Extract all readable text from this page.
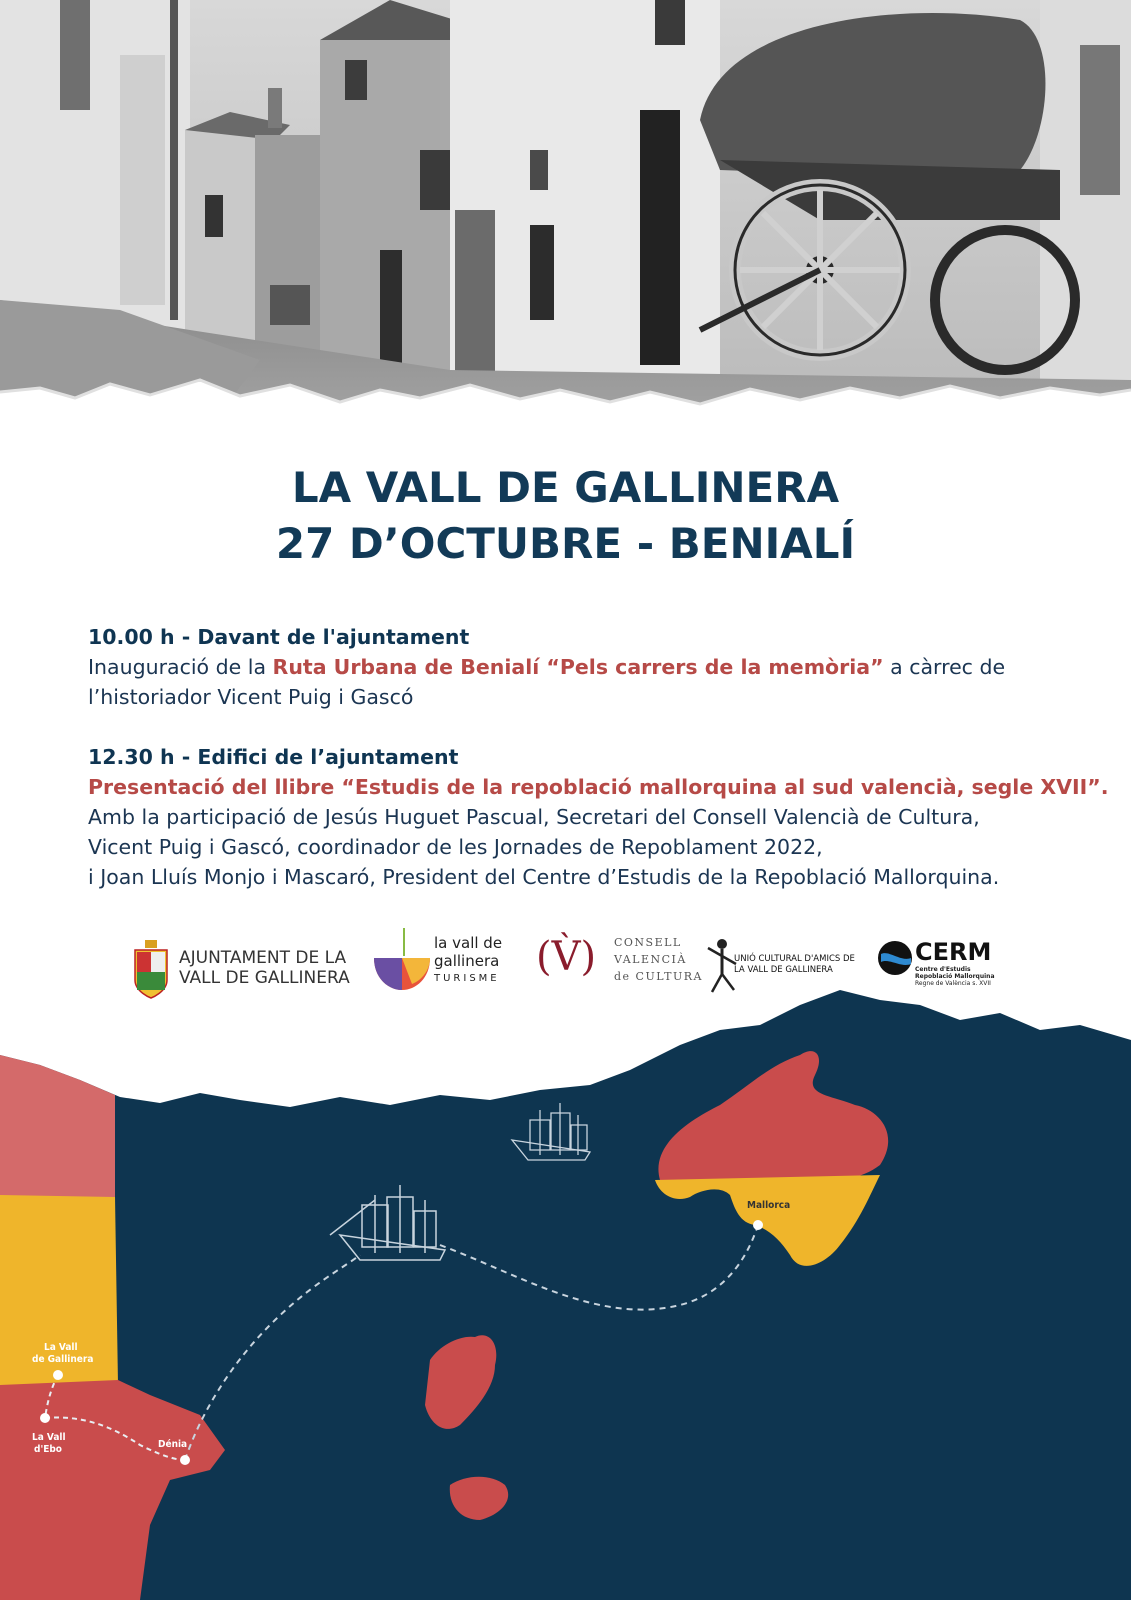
LA VALL DE GALLINERA
27 D’OCTUBRE - BENIALÍ
10.00 h - Davant de l'ajuntament
Inauguració de la Ruta Urbana de Benialí “Pels carrers de la memòria” a càrrec de
l’historiador Vicent Puig i Gascó
12.30 h - Edifici de l’ajuntament
Presentació del llibre “Estudis de la repoblació mallorquina al sud valencià, segle XVII”.
Amb la participació de Jesús Huguet Pascual, Secretari del Consell Valencià de Cultura,
Vicent Puig i Gascó, coordinador de les Jornades de Repoblament 2022,
i Joan Lluís Monjo i Mascaró, President del Centre d’Estudis de la Repoblació Mallorquina.
AJUNTAMENT DE LA
VALL DE GALLINERA
la vall de
gallinera
TURISME (V̀) CONSELL
VALENCIÀ
de CULTURA
UNIÓ CULTURAL D'AMICS DE
LA VALL DE GALLINERA
CERM
Centre d'Estudis
Repoblació Mallorquina
Regne de València s. XVII
Mallorca
La Vall
de Gallinera
La Vall
d'Ebo	Dénia
